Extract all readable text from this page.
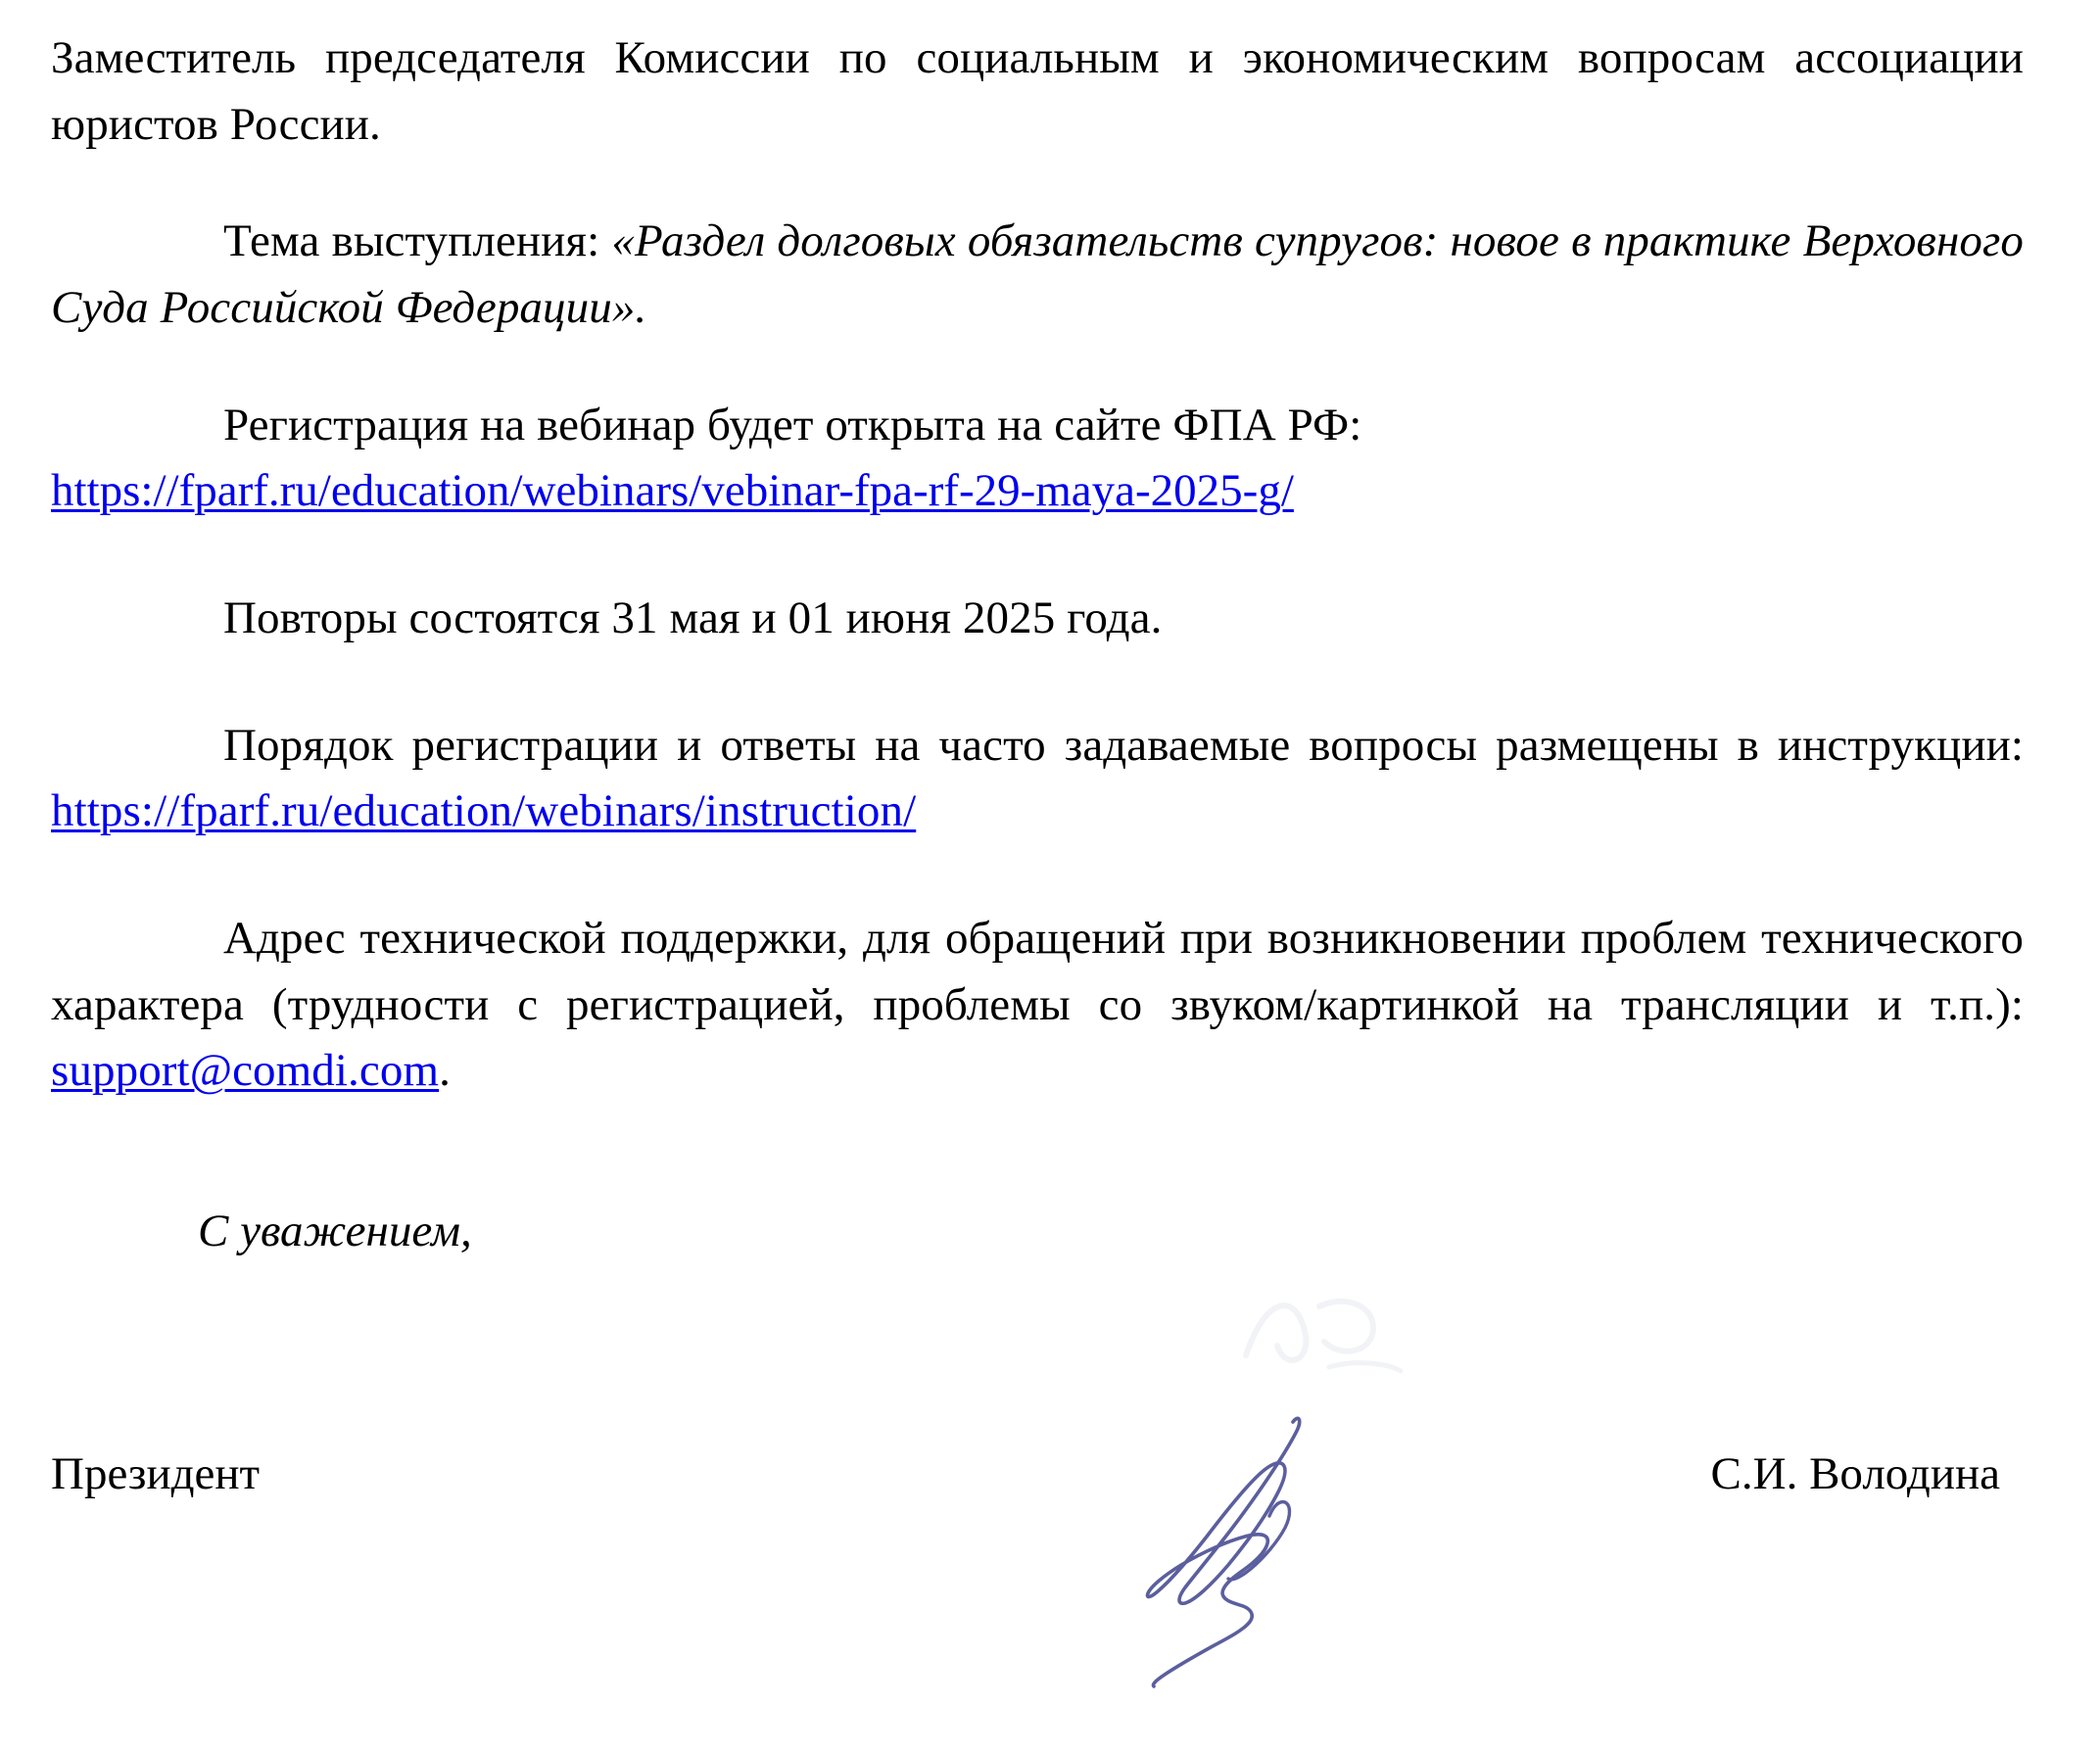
Заместитель председателя Комиссии по социальным и экономическим вопросам ассоциации юристов России.

Тема выступления: «Раздел долговых обязательств супругов: новое в практике Верховного Суда Российской Федерации».

Регистрация на вебинар будет открыта на сайте ФПА РФ:

https://fparf.ru/education/webinars/vebinar-fpa-rf-29-maya-2025-g/

Повторы состоятся 31 мая и 01 июня 2025 года.

Порядок регистрации и ответы на часто задаваемые вопросы размещены в инструкции: https://fparf.ru/education/webinars/instruction/

Адрес технической поддержки, для обращений при возникновении проблем технического характера (трудности с регистрацией, проблемы со звуком/картинкой на трансляции и т.п.): support@comdi.com.

С уважением,

Президент	С.И. Володина
